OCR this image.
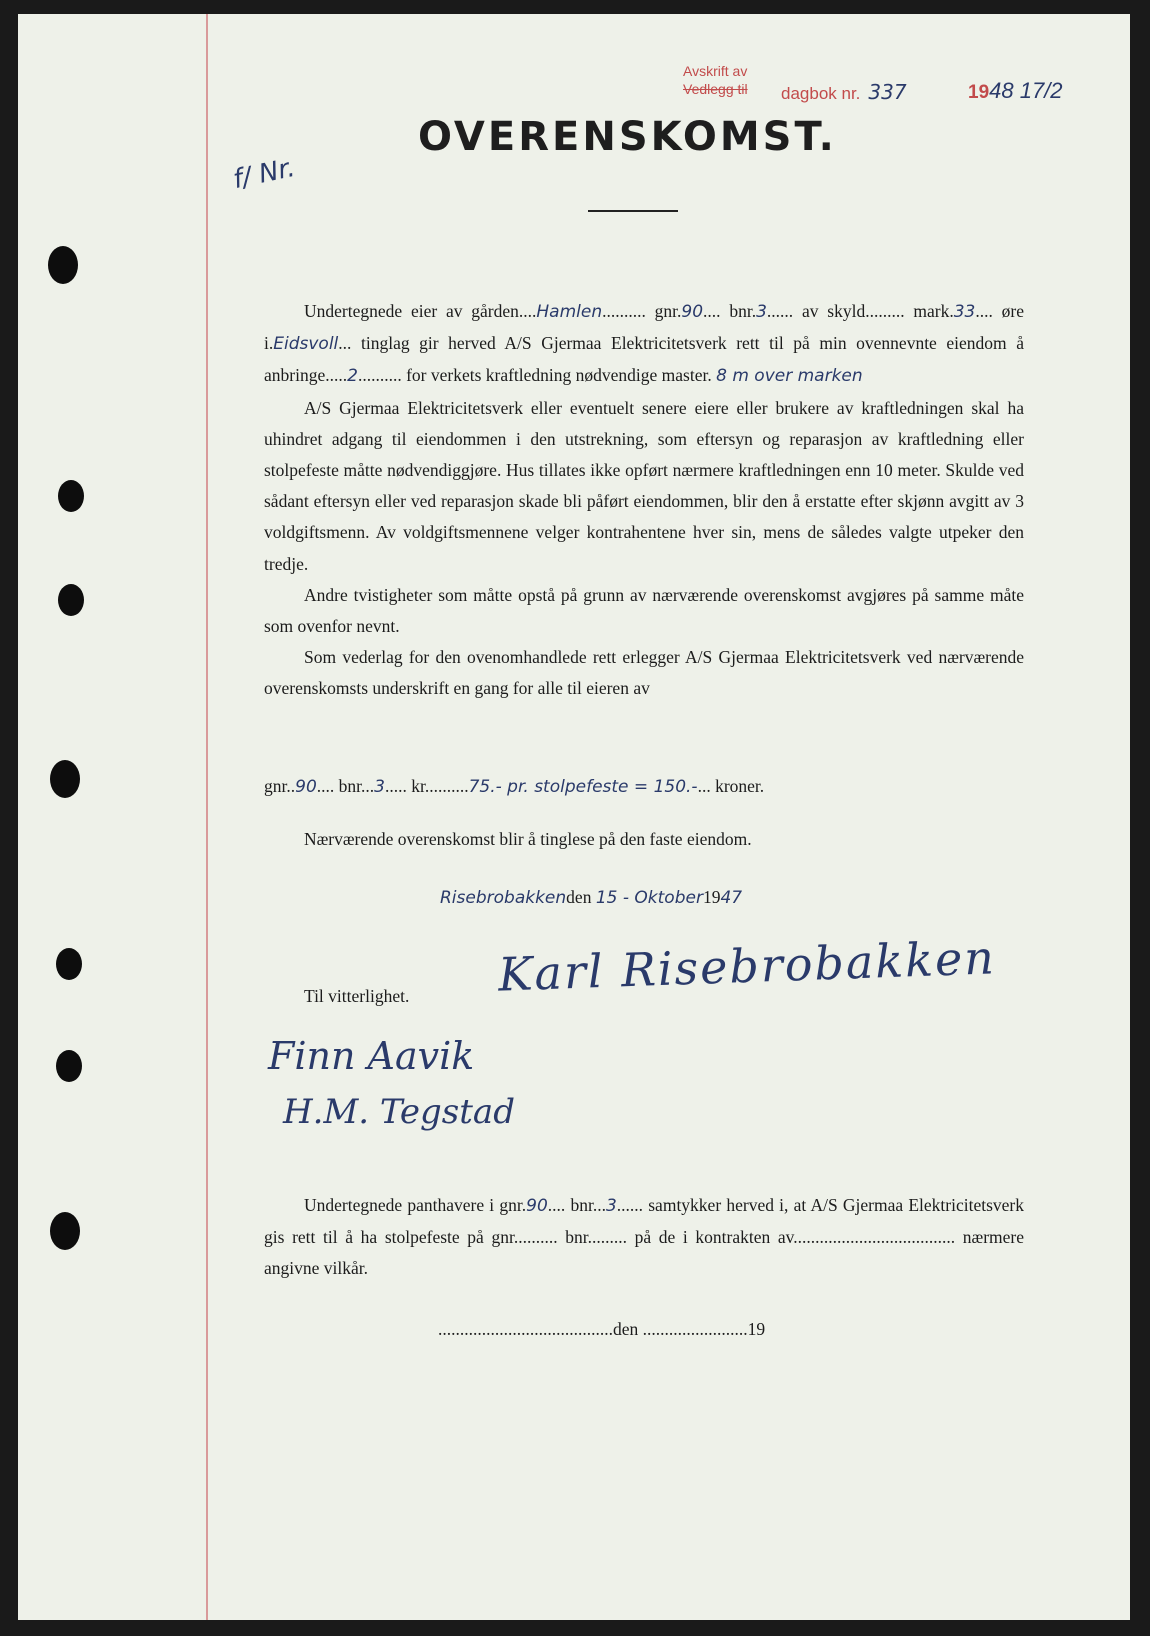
Avskrift av
Vedlegg til dagbok nr. 337	1948 17/2
f/ Nr.
OVERENSKOMST.

Undertegnede eier av gården....Hamlen.......... gnr.90.... bnr.3...... av skyld......... mark.33.... øre i.Eidsvoll... tinglag gir herved A/S Gjermaa Elektricitetsverk rett til på min ovennevnte eiendom å anbringe.....2.......... for verkets kraftledning nødvendige master. 8 m over marken

A/S Gjermaa Elektricitetsverk eller eventuelt senere eiere eller brukere av kraftledningen skal ha uhindret adgang til eiendommen i den utstrekning, som eftersyn og reparasjon av kraftledning eller stolpefeste måtte nødvendiggjøre. Hus tillates ikke opført nærmere kraftledningen enn 10 meter. Skulde ved sådant eftersyn eller ved reparasjon skade bli påført eiendommen, blir den å erstatte efter skjønn avgitt av 3 voldgiftsmenn. Av voldgiftsmennene velger kontrahentene hver sin, mens de således valgte utpeker den tredje.

Andre tvistigheter som måtte opstå på grunn av nærværende overenskomst avgjøres på samme måte som ovenfor nevnt.

Som vederlag for den ovenomhandlede rett erlegger A/S Gjermaa Elektricitetsverk ved nærværende overenskomsts underskrift en gang for alle til eieren av

gnr..90.... bnr...3..... kr..........75.- pr. stolpefeste = 150.-... kroner.
Nærværende overenskomst blir å tinglese på den faste eiendom.
Risebrobakkenden 15 - Oktober1947
Karl Risebrobakken
Til vitterlighet.
Finn Aavik
H.M. Tegstad

Undertegnede panthavere i gnr.90.... bnr...3...... samtykker herved i, at A/S Gjermaa Elektricitetsverk gis rett til å ha stolpefeste på gnr.......... bnr......... på de i kontrakten av..................................... nærmere angivne vilkår.

........................................den ........................19
